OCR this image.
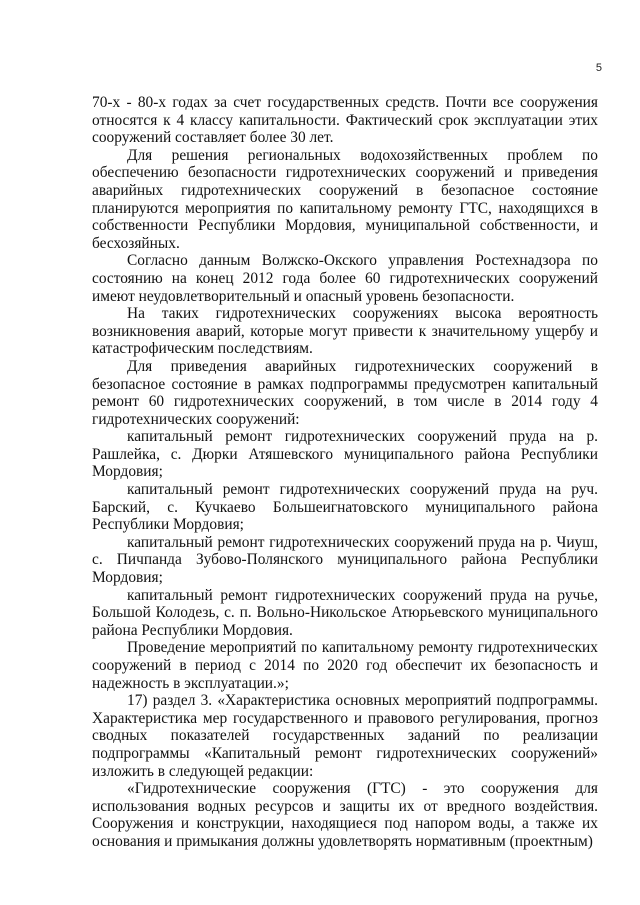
5

70-х - 80-х годах за счет государственных средств. Почти все сооружения относятся к 4 классу капитальности. Фактический срок эксплуатации этих сооружений составляет более 30 лет.

Для решения региональных водохозяйственных проблем по обеспечению безопасности гидротехнических сооружений и приведения аварийных гидротехнических сооружений в безопасное состояние планируются мероприятия по капитальному ремонту ГТС, находящихся в собственности Республики Мордовия, муниципальной собственности, и бесхозяйных.

Согласно данным Волжско-Окского управления Ростехнадзора по состоянию на конец 2012 года более 60 гидротехнических сооружений имеют неудовлетворительный и опасный уровень безопасности.

На таких гидротехнических сооружениях высока вероятность возникновения аварий, которые могут привести к значительному ущербу и катастрофическим последствиям.

Для приведения аварийных гидротехнических сооружений в безопасное состояние в рамках подпрограммы предусмотрен капитальный ремонт 60 гидротехнических сооружений, в том числе в 2014 году 4 гидротехнических сооружений:

капитальный ремонт гидротехнических сооружений пруда на р. Рашлейка, с. Дюрки Атяшевского муниципального района Республики Мордовия;

капитальный ремонт гидротехнических сооружений пруда на руч. Барский, с. Кучкаево Большеигнатовского муниципального района Республики Мордовия;

капитальный ремонт гидротехнических сооружений пруда на р. Чиуш, с. Пичпанда Зубово-Полянского муниципального района Республики Мордовия;

капитальный ремонт гидротехнических сооружений пруда на ручье, Большой Колодезь, с. п. Вольно-Никольское Атюрьевского муниципального района Республики Мордовия.

Проведение мероприятий по капитальному ремонту гидротехнических сооружений в период с 2014 по 2020 год обеспечит их безопасность и надежность в эксплуатации.»;

17) раздел 3. «Характеристика основных мероприятий подпрограммы. Характеристика мер государственного и правового регулирования, прогноз сводных показателей государственных заданий по реализации подпрограммы «Капитальный ремонт гидротехнических сооружений» изложить в следующей редакции:

«Гидротехнические сооружения (ГТС) - это сооружения для использования водных ресурсов и защиты их от вредного воздействия. Сооружения и конструкции, находящиеся под напором воды, а также их основания и примыкания должны удовлетворять нормативным (проектным)
